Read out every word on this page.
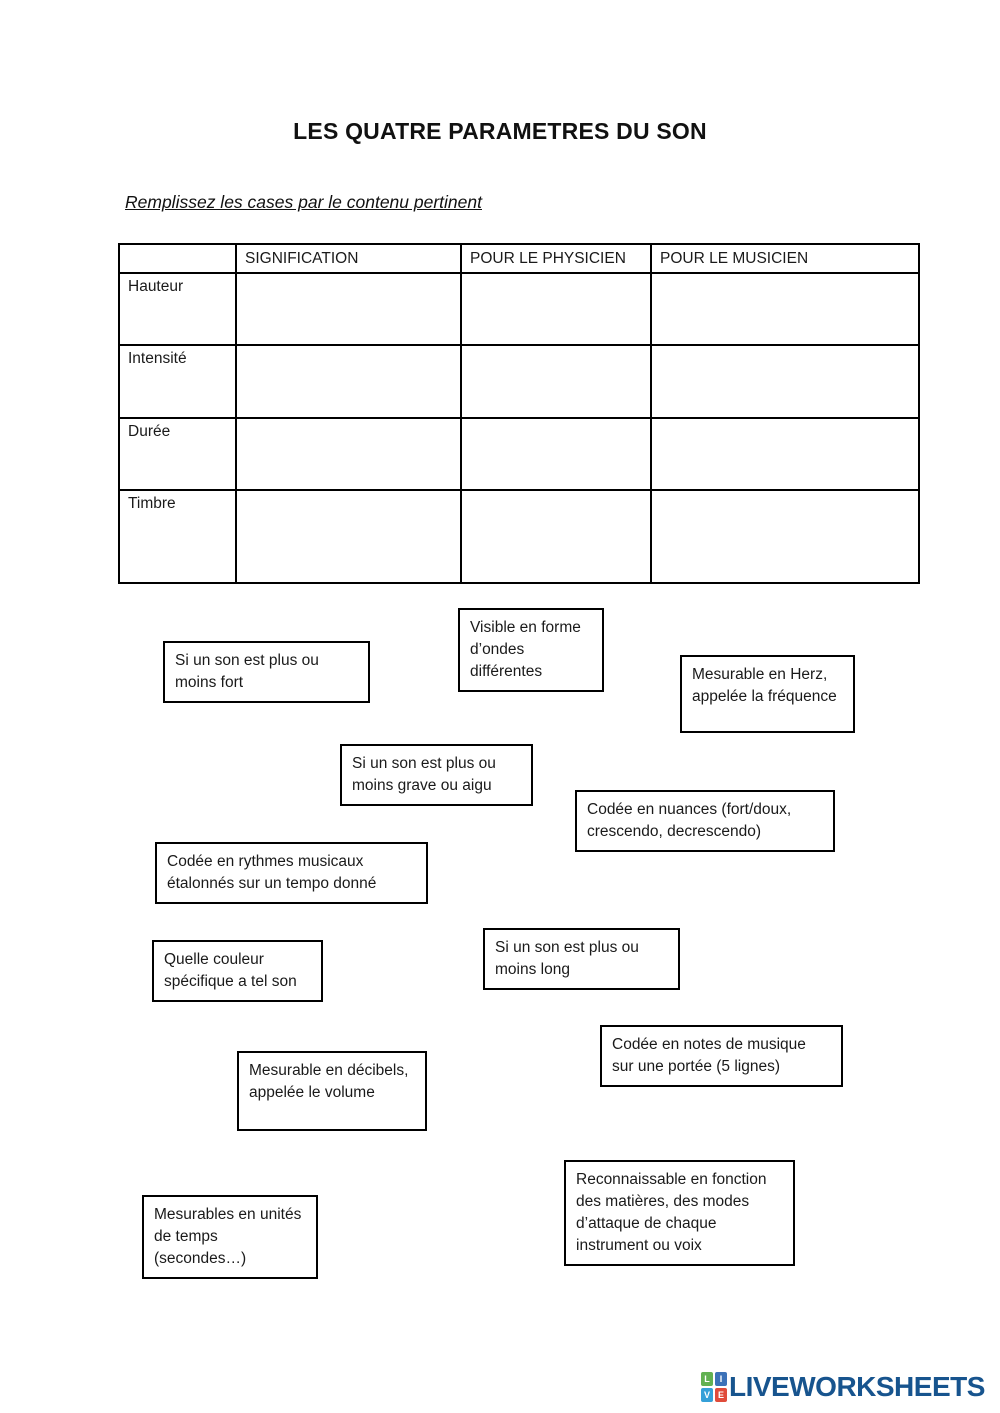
LES QUATRE PARAMETRES DU SON
Remplissez les cases par le contenu pertinent
	SIGNIFICATION	POUR LE PHYSICIEN	POUR LE MUSICIEN
Hauteur			
Intensité			
Durée			
Timbre			
Si un son est plus ou moins fort
Visible en forme d’ondes différentes	Mesurable en Herz, appelée la fréquence
Si un son est plus ou moins grave ou aigu
Codée en nuances (fort/doux, crescendo, decrescendo)
Codée en rythmes musicaux étalonnés sur un tempo donné
Quelle couleur spécifique a tel son
Si un son est plus ou moins long
Codée en notes de musique sur une portée (5 lignes)
Mesurable en décibels, appelée le volume
Reconnaissable en fonction des matières, des modes d’attaque de chaque instrument ou voix
Mesurables en unités de temps (secondes…)
L	I
V E LIVEWORKSHEETS
